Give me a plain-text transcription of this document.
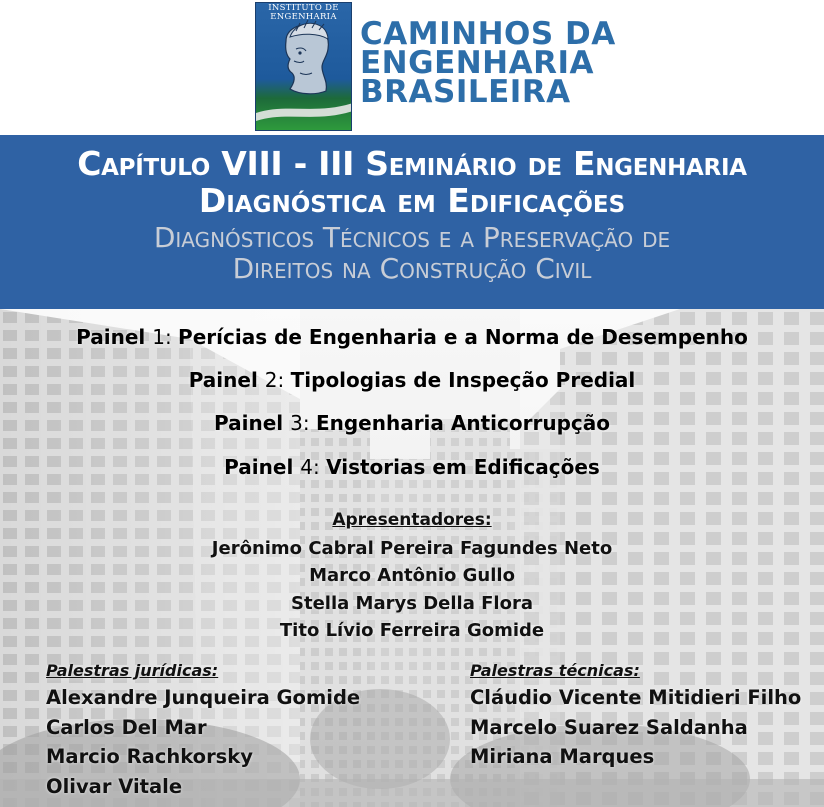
INSTITUTO DE
ENGENHARIA CAMINHOS DA
ENGENHARIA
BRASILEIRA
Capítulo VIII - III Seminário de Engenharia
Diagnóstica em Edificações
Diagnósticos Técnicos e a Preservação de
Direitos na Construção Civil
Painel 1: Perícias de Engenharia e a Norma de Desempenho
Painel 2: Tipologias de Inspeção Predial
Painel 3: Engenharia Anticorrupção
Painel 4: Vistorias em Edificações
Apresentadores:
Jerônimo Cabral Pereira Fagundes Neto
Marco Antônio Gullo
Stella Marys Della Flora
Tito Lívio Ferreira Gomide
Palestras jurídicas:
Alexandre Junqueira Gomide
Carlos Del Mar
Marcio Rachkorsky
Olivar Vitale
Palestras técnicas:
Cláudio Vicente Mitidieri Filho
Marcelo Suarez Saldanha
Miriana Marques
